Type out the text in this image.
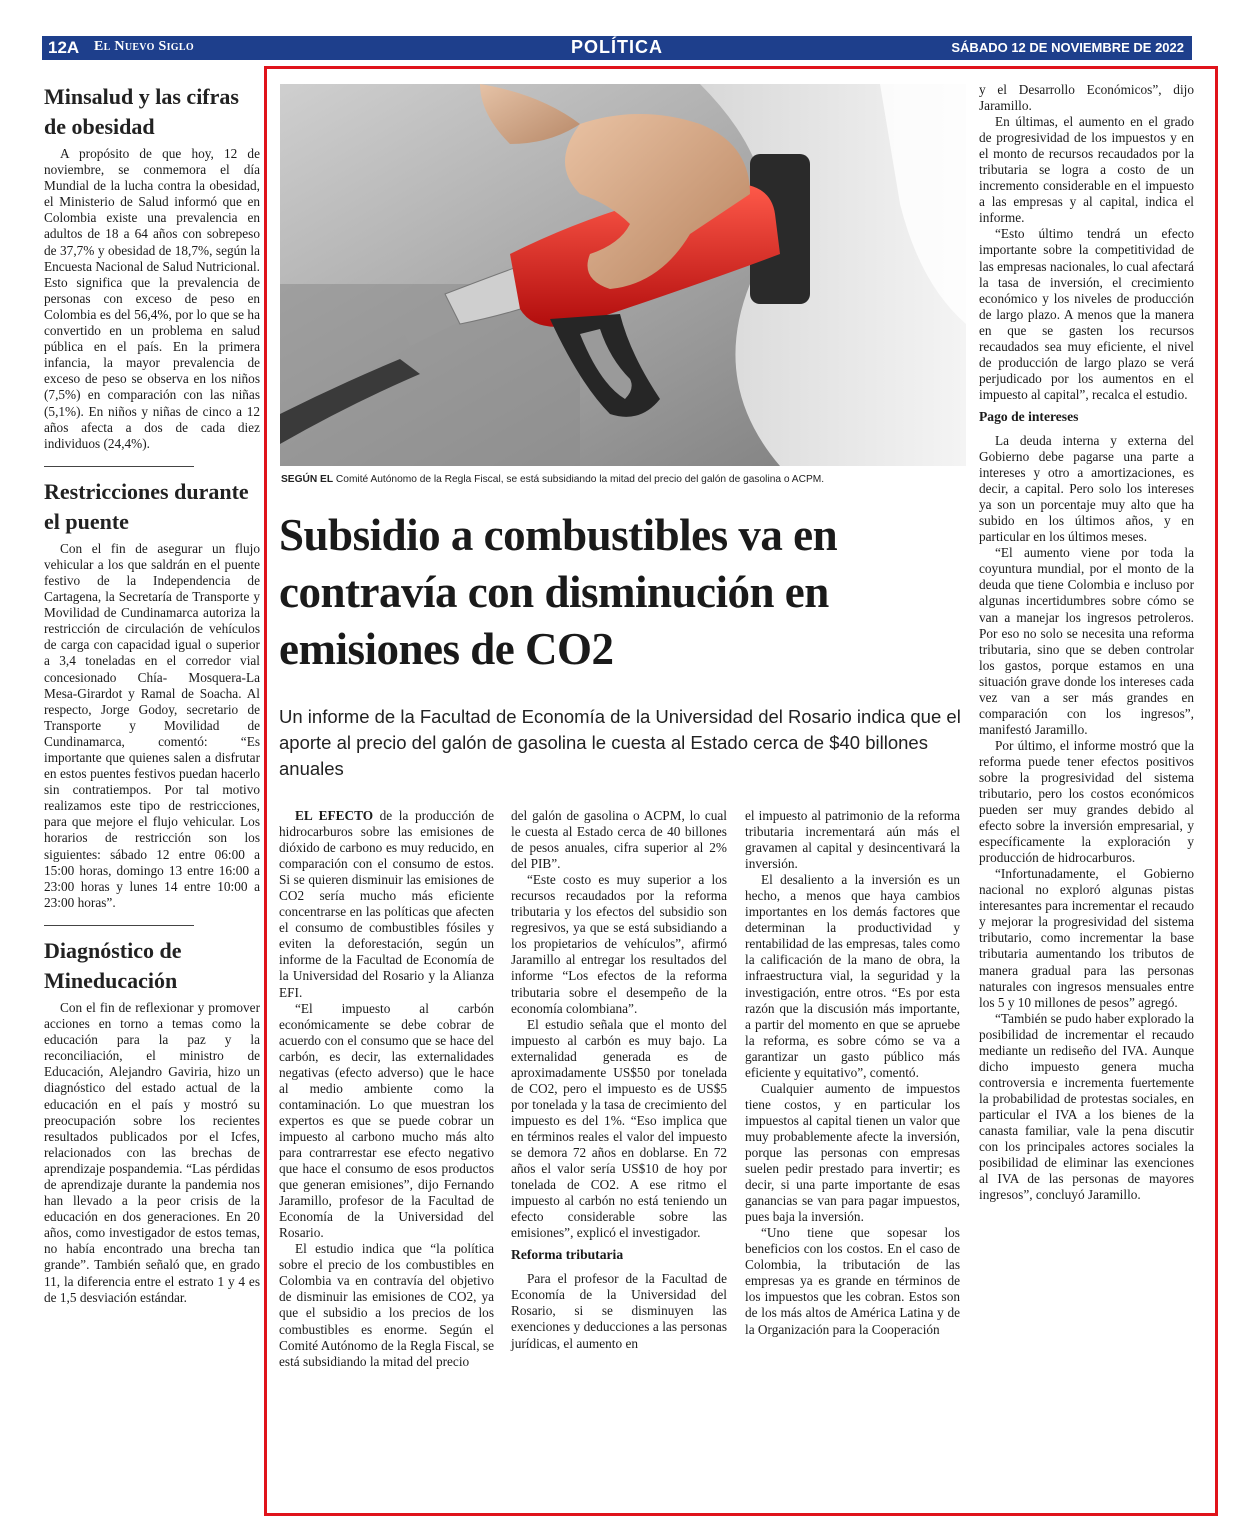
12A El Nuevo Siglo	POLÍTICA	SÁBADO 12 DE NOVIEMBRE DE 2022
Minsalud y las cifras de obesidad

A propósito de que hoy, 12 de noviembre, se conmemora el día Mundial de la lucha contra la obesidad, el Ministerio de Salud informó que en Colombia existe una prevalencia en adultos de 18 a 64 años con sobrepeso de 37,7% y obesidad de 18,7%, según la Encuesta Nacional de Salud Nutricional. Esto significa que la prevalencia de personas con exceso de peso en Colombia es del 56,4%, por lo que se ha convertido en un problema en salud pública en el país. En la primera infancia, la mayor prevalencia de exceso de peso se observa en los niños (7,5%) en comparación con las niñas (5,1%). En niños y niñas de cinco a 12 años afecta a dos de cada diez individuos (24,4%).

Restricciones durante el puente

Con el fin de asegurar un flujo vehicular a los que saldrán en el puente festivo de la Independencia de Cartagena, la Secretaría de Transporte y Movilidad de Cundinamarca autoriza la restricción de circulación de vehículos de carga con capacidad igual o superior a 3,4 toneladas en el corredor vial concesionado Chía- Mosquera-La Mesa-Girardot y Ramal de Soacha. Al respecto, Jorge Godoy, secretario de Transporte y Movilidad de Cundinamarca, comentó: “Es importante que quienes salen a disfrutar en estos puentes festivos puedan hacerlo sin contratiempos. Por tal motivo realizamos este tipo de restricciones, para que mejore el flujo vehicular. Los horarios de restricción son los siguientes: sábado 12 entre 06:00 a 15:00 horas, domingo 13 entre 16:00 a 23:00 horas y lunes 14 entre 10:00 a 23:00 horas”.

Diagnóstico de Mineducación

Con el fin de reflexionar y promover acciones en torno a temas como la educación para la paz y la reconciliación, el ministro de Educación, Alejandro Gaviria, hizo un diagnóstico del estado actual de la educación en el país y mostró su preocupación sobre los recientes resultados publicados por el Icfes, relacionados con las brechas de aprendizaje pospandemia. “Las pérdidas de aprendizaje durante la pandemia nos han llevado a la peor crisis de la educación en dos generaciones. En 20 años, como investigador de estos temas, no había encontrado una brecha tan grande”. También señaló que, en grado 11, la diferencia entre el estrato 1 y 4 es de 1,5 desviación estándar.

SEGÚN EL Comité Autónomo de la Regla Fiscal, se está subsidiando la mitad del precio del galón de gasolina o ACPM.
Subsidio a combustibles va en contravía con disminución en emisiones de CO2
Un informe de la Facultad de Economía de la Universidad del Rosario indica que el aporte al precio del galón de gasolina le cuesta al Estado cerca de $40 billones anuales

EL EFECTO de la producción de hidrocarburos sobre las emisiones de dióxido de carbono es muy reducido, en comparación con el consumo de estos. Si se quieren disminuir las emisiones de CO2 sería mucho más eficiente concentrarse en las políticas que afecten el consumo de combustibles fósiles y eviten la deforestación, según un informe de la Facultad de Economía de la Universidad del Rosario y la Alianza EFI.

“El impuesto al carbón económicamente se debe cobrar de acuerdo con el consumo que se hace del carbón, es decir, las externalidades negativas (efecto adverso) que le hace al medio ambiente como la contaminación. Lo que muestran los expertos es que se puede cobrar un impuesto al carbono mucho más alto para contrarrestar ese efecto negativo que hace el consumo de esos productos que generan emisiones”, dijo Fernando Jaramillo, profesor de la Facultad de Economía de la Universidad del Rosario.

El estudio indica que “la política sobre el precio de los combustibles en Colombia va en contravía del objetivo de disminuir las emisiones de CO2, ya que el subsidio a los precios de los combustibles es enorme. Según el Comité Autónomo de la Regla Fiscal, se está subsidiando la mitad del precio

del galón de gasolina o ACPM, lo cual le cuesta al Estado cerca de 40 billones de pesos anuales, cifra superior al 2% del PIB”.

“Este costo es muy superior a los recursos recaudados por la reforma tributaria y los efectos del subsidio son regresivos, ya que se está subsidiando a los propietarios de vehículos”, afirmó Jaramillo al entregar los resultados del informe “Los efectos de la reforma tributaria sobre el desempeño de la economía colombiana”.

El estudio señala que el monto del impuesto al carbón es muy bajo. La externalidad generada es de aproximadamente US$50 por tonelada de CO2, pero el impuesto es de US$5 por tonelada y la tasa de crecimiento del impuesto es del 1%. “Eso implica que en términos reales el valor del impuesto se demora 72 años en doblarse. En 72 años el valor sería US$10 de hoy por tonelada de CO2. A ese ritmo el impuesto al carbón no está teniendo un efecto considerable sobre las emisiones”, explicó el investigador.

Reforma tributaria

Para el profesor de la Facultad de Economía de la Universidad del Rosario, si se disminuyen las exenciones y deducciones a las personas jurídicas, el aumento en

el impuesto al patrimonio de la reforma tributaria incrementará aún más el gravamen al capital y desincentivará la inversión.

El desaliento a la inversión es un hecho, a menos que haya cambios importantes en los demás factores que determinan la productividad y rentabilidad de las empresas, tales como la calificación de la mano de obra, la infraestructura vial, la seguridad y la investigación, entre otros. “Es por esta razón que la discusión más importante, a partir del momento en que se apruebe la reforma, es sobre cómo se va a garantizar un gasto público más eficiente y equitativo”, comentó.

Cualquier aumento de impuestos tiene costos, y en particular los impuestos al capital tienen un valor que muy probablemente afecte la inversión, porque las personas con empresas suelen pedir prestado para invertir; es decir, si una parte importante de esas ganancias se van para pagar impuestos, pues baja la inversión.

“Uno tiene que sopesar los beneficios con los costos. En el caso de Colombia, la tributación de las empresas ya es grande en términos de los impuestos que les cobran. Estos son de los más altos de América Latina y de la Organización para la Cooperación

y el Desarrollo Económicos”, dijo Jaramillo.

En últimas, el aumento en el grado de progresividad de los impuestos y en el monto de recursos recaudados por la tributaria se logra a costo de un incremento considerable en el impuesto a las empresas y al capital, indica el informe.

“Esto último tendrá un efecto importante sobre la competitividad de las empresas nacionales, lo cual afectará la tasa de inversión, el crecimiento económico y los niveles de producción de largo plazo. A menos que la manera en que se gasten los recursos recaudados sea muy eficiente, el nivel de producción de largo plazo se verá perjudicado por los aumentos en el impuesto al capital”, recalca el estudio.

Pago de intereses

La deuda interna y externa del Gobierno debe pagarse una parte a intereses y otro a amortizaciones, es decir, a capital. Pero solo los intereses ya son un porcentaje muy alto que ha subido en los últimos años, y en particular en los últimos meses.

“El aumento viene por toda la coyuntura mundial, por el monto de la deuda que tiene Colombia e incluso por algunas incertidumbres sobre cómo se van a manejar los ingresos petroleros. Por eso no solo se necesita una reforma tributaria, sino que se deben controlar los gastos, porque estamos en una situación grave donde los intereses cada vez van a ser más grandes en comparación con los ingresos”, manifestó Jaramillo.

Por último, el informe mostró que la reforma puede tener efectos positivos sobre la progresividad del sistema tributario, pero los costos económicos pueden ser muy grandes debido al efecto sobre la inversión empresarial, y específicamente la exploración y producción de hidrocarburos.

“Infortunadamente, el Gobierno nacional no exploró algunas pistas interesantes para incrementar el recaudo y mejorar la progresividad del sistema tributario, como incrementar la base tributaria aumentando los tributos de manera gradual para las personas naturales con ingresos mensuales entre los 5 y 10 millones de pesos” agregó.

“También se pudo haber explorado la posibilidad de incrementar el recaudo mediante un rediseño del IVA. Aunque dicho impuesto genera mucha controversia e incrementa fuertemente la probabilidad de protestas sociales, en particular el IVA a los bienes de la canasta familiar, vale la pena discutir con los principales actores sociales la posibilidad de eliminar las exenciones al IVA de las personas de mayores ingresos”, concluyó Jaramillo.
